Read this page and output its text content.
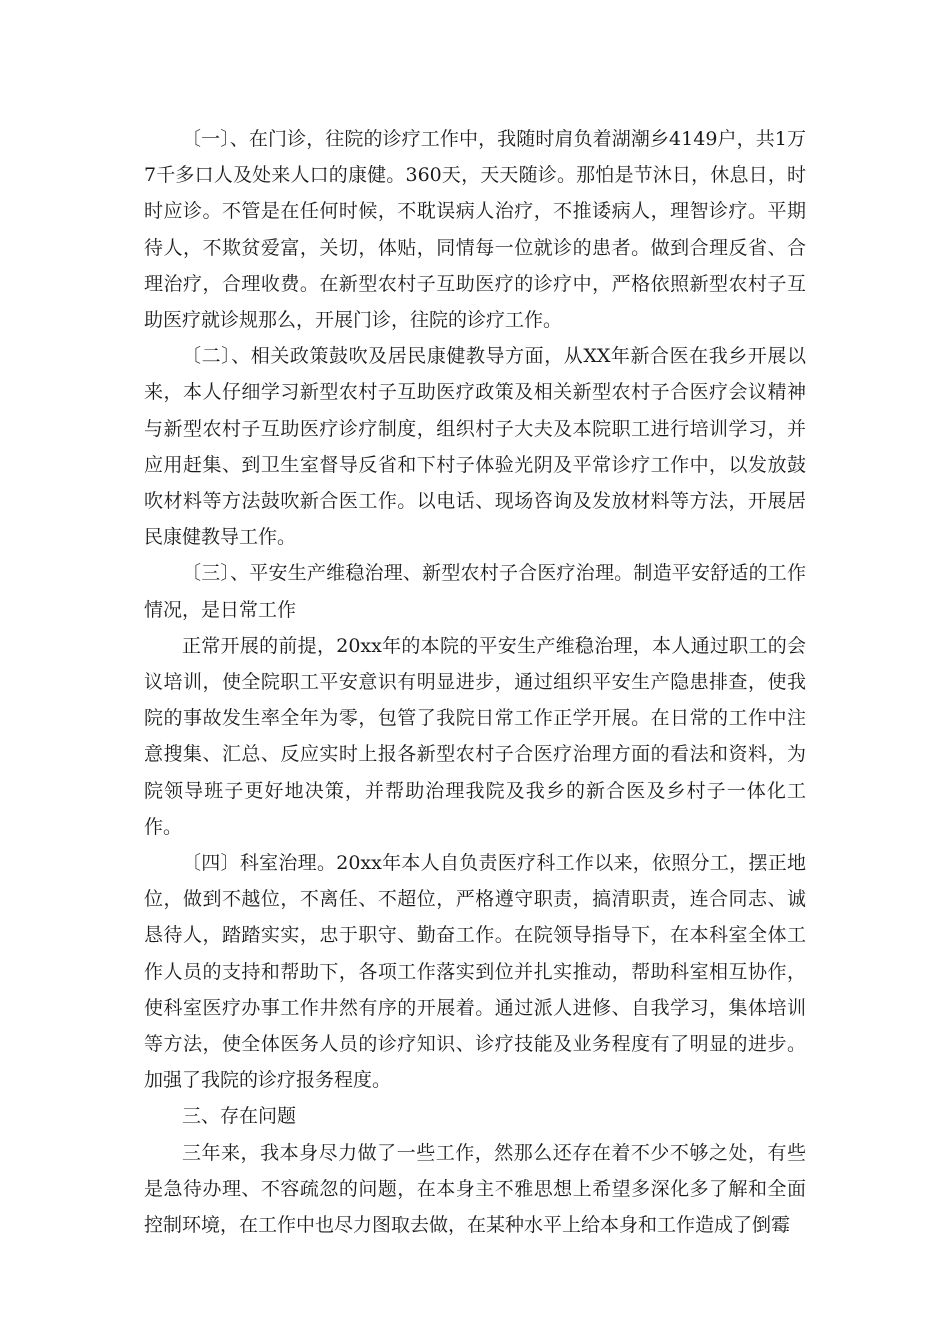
〔一〕、在门诊，往院的诊疗工作中，我随时肩负着湖潮乡4149户，共1万7千多口人及处来人口的康健。360天，天天随诊。那怕是节沐日，休息日，时时应诊。不管是在任何时候，不耽误病人治疗，不推诿病人，理智诊疗。平期待人，不欺贫爱富，关切，体贴，同情每一位就诊的患者。做到合理反省、合理治疗，合理收费。在新型农村子互助医疗的诊疗中，严格依照新型农村子互助医疗就诊规那么，开展门诊，往院的诊疗工作。

〔二〕、相关政策鼓吹及居民康健教导方面，从XX年新合医在我乡开展以来，本人仔细学习新型农村子互助医疗政策及相关新型农村子合医疗会议精神与新型农村子互助医疗诊疗制度，组织村子大夫及本院职工进行培训学习，并应用赶集、到卫生室督导反省和下村子体验光阴及平常诊疗工作中，以发放鼓吹材料等方法鼓吹新合医工作。以电话、现场咨询及发放材料等方法，开展居民康健教导工作。

〔三〕、平安生产维稳治理、新型农村子合医疗治理。制造平安舒适的工作情况，是日常工作

正常开展的前提，20xx年的本院的平安生产维稳治理，本人通过职工的会议培训，使全院职工平安意识有明显进步，通过组织平安生产隐患排查，使我院的事故发生率全年为零，包管了我院日常工作正学开展。在日常的工作中注意搜集、汇总、反应实时上报各新型农村子合医疗治理方面的看法和资料，为院领导班子更好地决策，并帮助治理我院及我乡的新合医及乡村子一体化工作。

〔四〕科室治理。20xx年本人自负责医疗科工作以来，依照分工，摆正地位，做到不越位，不离任、不超位，严格遵守职责，搞清职责，连合同志、诚恳待人，踏踏实实，忠于职守、勤奋工作。在院领导指导下，在本科室全体工作人员的支持和帮助下，各项工作落实到位并扎实推动，帮助科室相互协作，使科室医疗办事工作井然有序的开展着。通过派人进修、自我学习，集体培训等方法，使全体医务人员的诊疗知识、诊疗技能及业务程度有了明显的进步。加强了我院的诊疗报务程度。

三、存在问题

三年来，我本身尽力做了一些工作，然那么还存在着不少不够之处，有些是急待办理、不容疏忽的问题，在本身主不雅思想上希望多深化多了解和全面控制环境，在工作中也尽力图取去做，在某种水平上给本身和工作造成了倒霉
